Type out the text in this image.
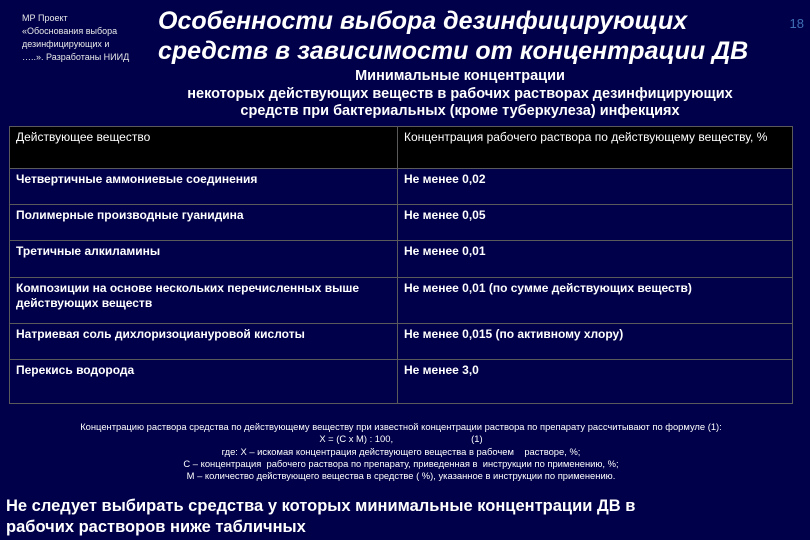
МР Проект
«Обоснования выбора
дезинфицирующих и
…..». Разработаны НИИД
Особенности выбора дезинфицирующих
средств в зависимости от концентрации ДВ
18
Минимальные концентрации
некоторых действующих веществ в рабочих растворах дезинфицирующих
средств при бактериальных (кроме туберкулеза) инфекциях
Действующее вещество	Концентрация рабочего раствора по действующему веществу, %
Четвертичные аммониевые соединения	Не менее 0,02
Полимерные производные гуанидина	Не менее 0,05
Третичные алкиламины	Не менее 0,01
Композиции на основе нескольких перечисленных выше действующих веществ	Не менее 0,01 (по сумме действующих веществ)
Натриевая соль дихлоризоциануровой кислоты	Не менее 0,015 (по активному хлору)
Перекись водорода	Не менее 3,0
Концентрацию раствора средства по действующему веществу при известной концентрации раствора по препарату рассчитывают по формуле (1):
Х = (С х М) : 100,                              (1)
где: Х – искомая концентрация действующего вещества в рабочем    растворе, %;
С – концентрация  рабочего раствора по препарату, приведенная в  инструкции по применению, %;
М – количество действующего вещества в средстве ( %), указанное в инструкции по применению.
Не следует выбирать средства у которых минимальные концентрации ДВ в
рабочих растворов ниже табличных
